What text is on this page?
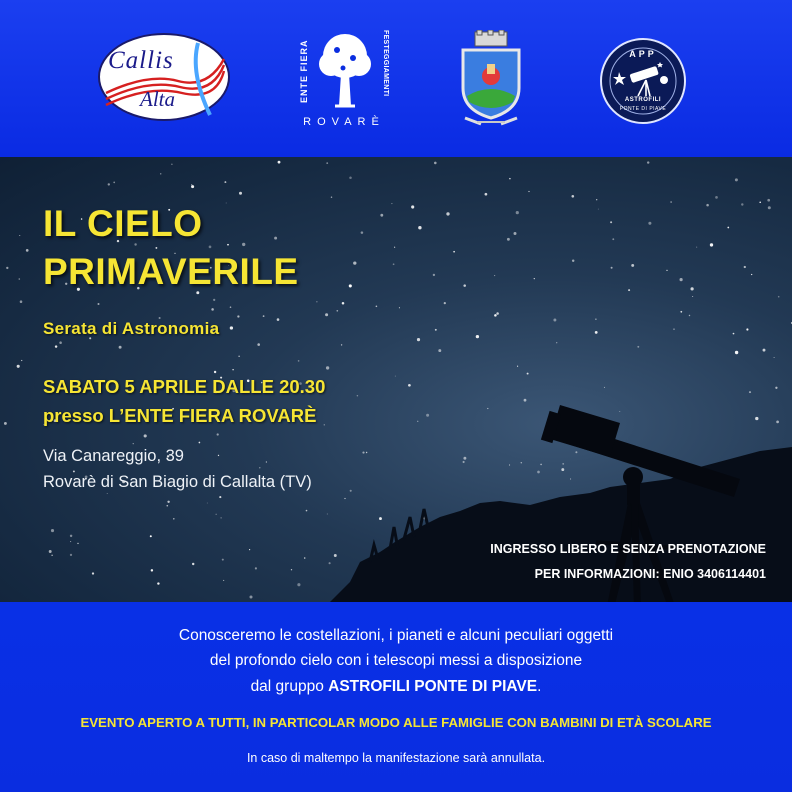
Callis
Alta	ENTE FIERA	FESTEGGIAMENTI
ROVARÈ
APP
ASTROFILI
PONTE DI PIAVE
IL CIELO
PRIMAVERILE
Serata di Astronomia
SABATO 5 APRILE DALLE 20.30
presso L’ENTE FIERA ROVARÈ
Via Canareggio, 39
Rovarè di San Biagio di Callalta (TV)
INGRESSO LIBERO E SENZA PRENOTAZIONE
PER INFORMAZIONI: ENIO 3406114401
Conosceremo le costellazioni, i pianeti e alcuni peculiari oggetti
del profondo cielo con i telescopi messi a disposizione
dal gruppo ASTROFILI PONTE DI PIAVE.
EVENTO APERTO A TUTTI, IN PARTICOLAR MODO ALLE FAMIGLIE CON BAMBINI DI ETÀ SCOLARE
In caso di maltempo la manifestazione sarà annullata.
